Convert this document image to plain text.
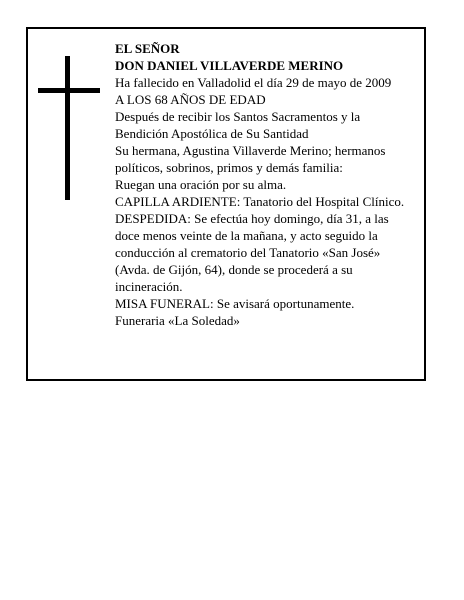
EL SEÑOR
DON DANIEL VILLAVERDE MERINO
Ha fallecido en Valladolid el día 29 de mayo de 2009
A LOS 68 AÑOS DE EDAD
Después de recibir los Santos Sacramentos y la
Bendición Apostólica de Su Santidad
Su hermana, Agustina Villaverde Merino; hermanos
políticos, sobrinos, primos y demás familia:
Ruegan una oración por su alma.
CAPILLA ARDIENTE: Tanatorio del Hospital Clínico.
DESPEDIDA: Se efectúa hoy domingo, día 31, a las
doce menos veinte de la mañana, y acto seguido la
conducción al crematorio del Tanatorio «San José»
(Avda. de Gijón, 64), donde se procederá a su
incineración.
MISA FUNERAL: Se avisará oportunamente.
Funeraria «La Soledad»
